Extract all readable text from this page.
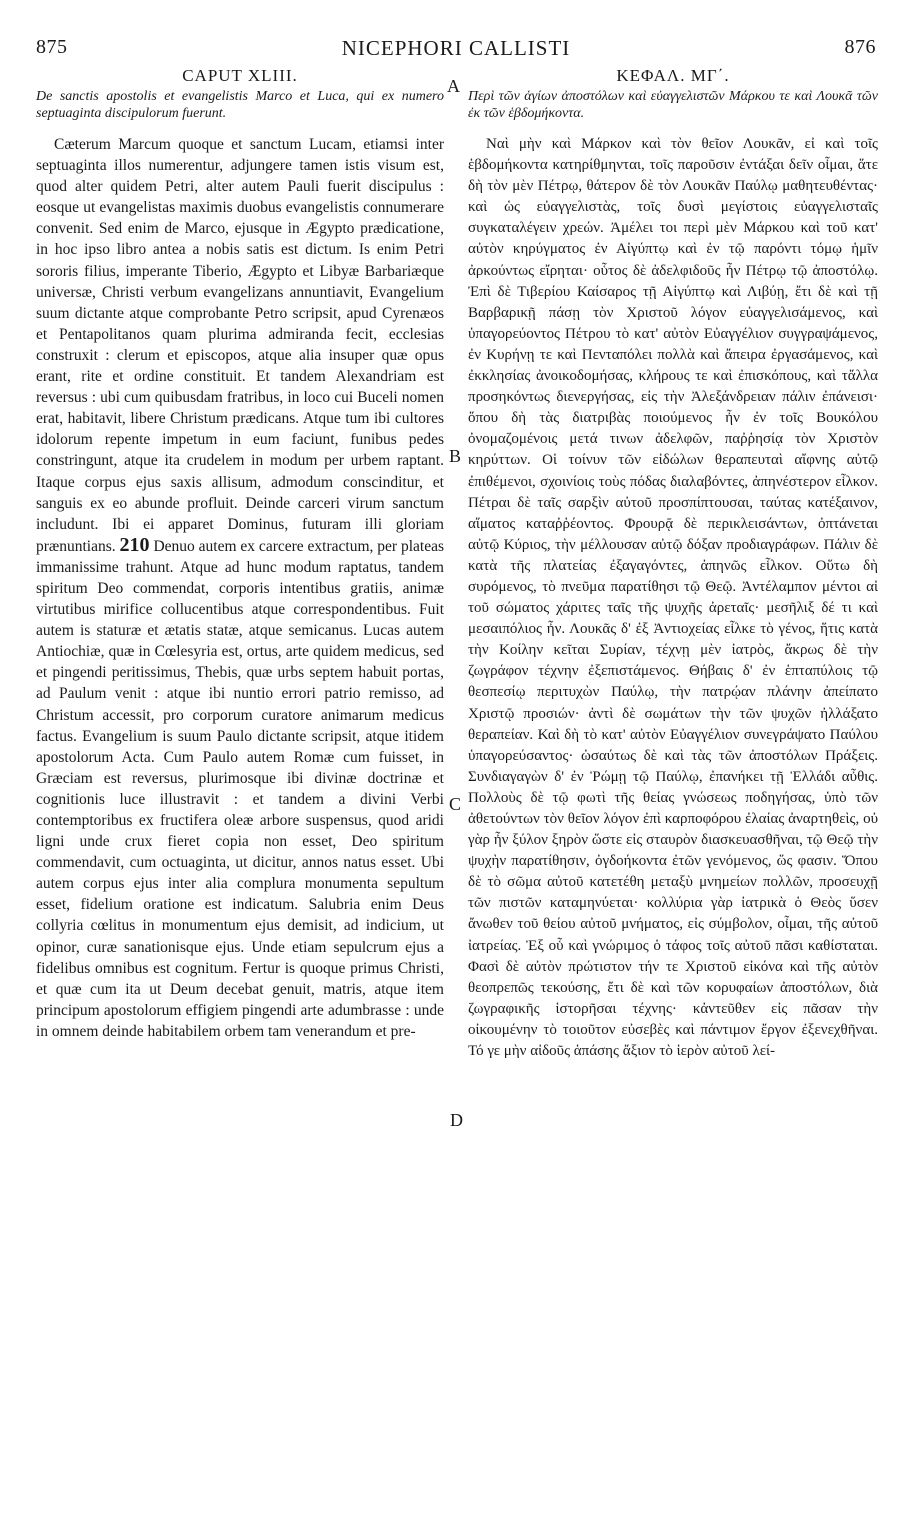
875	NICEPHORI CALLISTI	876
A
B
C
D
CAPUT XLIII.
De sanctis apostolis et evangelistis Marco et Luca, qui ex numero septuaginta discipulorum fuerunt.

Cæterum Marcum quoque et sanctum Lucam, etiamsi inter septuaginta illos numerentur, adjungere tamen istis visum est, quod alter quidem Petri, alter autem Pauli fuerit discipulus : eosque ut evangelistas maximis duobus evangelistis connumerare convenit. Sed enim de Marco, ejusque in Ægypto prædicatione, in hoc ipso libro antea a nobis satis est dictum. Is enim Petri sororis filius, imperante Tiberio, Ægypto et Libyæ Barbariæque universæ, Christi verbum evangelizans annuntiavit, Evangelium suum dictante atque comprobante Petro scripsit, apud Cyrenæos et Pentapolitanos quam plurima admiranda fecit, ecclesias construxit : clerum et episcopos, atque alia insuper quæ opus erant, rite et ordine constituit. Et tandem Alexandriam est reversus : ubi cum quibusdam fratribus, in loco cui Buceli nomen erat, habitavit, libere Christum prædicans. Atque tum ibi cultores idolorum repente impetum in eum faciunt, funibus pedes constringunt, atque ita crudelem in modum per urbem raptant. Itaque corpus ejus saxis allisum, admodum conscinditur, et sanguis ex eo abunde profluit. Deinde carceri virum sanctum includunt. Ibi ei apparet Dominus, futuram illi gloriam prænuntians. 210 Denuo autem ex carcere extractum, per plateas immanissime trahunt. Atque ad hunc modum raptatus, tandem spiritum Deo commendat, corporis intentibus gratiis, animæ virtutibus mirifice collucentibus atque correspondentibus. Fuit autem is staturæ et ætatis statæ, atque semicanus. Lucas autem Antiochiæ, quæ in Cœlesyria est, ortus, arte quidem medicus, sed et pingendi peritissimus, Thebis, quæ urbs septem habuit portas, ad Paulum venit : atque ibi nuntio errori patrio remisso, ad Christum accessit, pro corporum curatore animarum medicus factus. Evangelium is suum Paulo dictante scripsit, atque itidem apostolorum Acta. Cum Paulo autem Romæ cum fuisset, in Græciam est reversus, plurimosque ibi divinæ doctrinæ et cognitionis luce illustravit : et tandem a divini Verbi contemptoribus ex fructifera oleæ arbore suspensus, quod aridi ligni unde crux fieret copia non esset, Deo spiritum commendavit, cum octuaginta, ut dicitur, annos natus esset. Ubi autem corpus ejus inter alia complura monumenta sepultum esset, fidelium oratione est indicatum. Salubria enim Deus collyria cœlitus in monumentum ejus demisit, ad indicium, ut opinor, curæ sanationisque ejus. Unde etiam sepulcrum ejus a fidelibus omnibus est cognitum. Fertur is quoque primus Christi, et quæ cum ita ut Deum decebat genuit, matris, atque item principum apostolorum effigiem pingendi arte adumbrasse : unde in omnem deinde habitabilem orbem tam venerandum et pre-

ΚΕΦΑΛ. ΜΓ΄.
Περὶ τῶν ἁγίων ἀποστόλων καὶ εὐαγγελιστῶν Μάρκου τε καὶ Λουκᾶ τῶν ἐκ τῶν ἑβδομήκοντα.

Ναὶ μὴν καὶ Μάρκον καὶ τὸν θεῖον Λουκᾶν, εἰ καὶ τοῖς ἑβδομήκοντα κατηρίθμηνται, τοῖς παροῦσιν ἐντάξαι δεῖν οἶμαι, ἅτε δὴ τὸν μὲν Πέτρῳ, θάτερον δὲ τὸν Λουκᾶν Παύλῳ μαθητευθέντας· καὶ ὡς εὐαγγελιστὰς, τοῖς δυσὶ μεγίστοις εὐαγγελισταῖς συγκαταλέγειν χρεών. Ἀμέλει τοι περὶ μὲν Μάρκου καὶ τοῦ κατ' αὐτὸν κηρύγματος ἐν Αἰγύπτῳ καὶ ἐν τῷ παρόντι τόμῳ ἡμῖν ἀρκούντως εἴρηται· οὗτος δὲ ἀδελφιδοῦς ἦν Πέτρῳ τῷ ἀποστόλῳ. Ἐπὶ δὲ Τιβερίου Καίσαρος τῇ Αἰγύπτῳ καὶ Λιβύῃ, ἔτι δὲ καὶ τῇ Βαρβαρικῇ πάσῃ τὸν Χριστοῦ λόγον εὐαγγελισάμενος, καὶ ὑπαγορεύοντος Πέτρου τὸ κατ' αὐτὸν Εὐαγγέλιον συγγραψάμενος, ἐν Κυρήνῃ τε καὶ Πενταπόλει πολλὰ καὶ ἄπειρα ἐργασάμενος, καὶ ἐκκλησίας ἀνοικοδομήσας, κλήρους τε καὶ ἐπισκόπους, καὶ τἄλλα προσηκόντως διενεργήσας, εἰς τὴν Ἀλεξάνδρειαν πάλιν ἐπάνεισι· ὅπου δὴ τὰς διατριβὰς ποιούμενος ἦν ἐν τοῖς Βουκόλου ὀνομαζομένοις μετά τινων ἀδελφῶν, παῤῥησίᾳ τὸν Χριστὸν κηρύττων. Οἱ τοίνυν τῶν εἰδώλων θεραπευταὶ αἴφνης αὐτῷ ἐπιθέμενοι, σχοινίοις τοὺς πόδας διαλαβόντες, ἀπηνέστερον εἷλκον. Πέτραι δὲ ταῖς σαρξὶν αὐτοῦ προσπίπτουσαι, ταύτας κατέξαινον, αἵματος καταῤῥέοντος. Φρουρᾷ δὲ περικλεισάντων, ὀπτάνεται αὐτῷ Κύριος, τὴν μέλλουσαν αὐτῷ δόξαν προδιαγράφων. Πάλιν δὲ κατὰ τῆς πλατείας ἐξαγαγόντες, ἀπηνῶς εἷλκον. Οὕτω δὴ συρόμενος, τὸ πνεῦμα παρατίθησι τῷ Θεῷ. Ἀντέλαμπον μέντοι αἱ τοῦ σώματος χάριτες ταῖς τῆς ψυχῆς ἀρεταῖς· μεσῆλιξ δέ τι καὶ μεσαιπόλιος ἦν. Λουκᾶς δ' ἐξ Ἀντιοχείας εἷλκε τὸ γένος, ἥτις κατὰ τὴν Κοίλην κεῖται Συρίαν, τέχνῃ μὲν ἰατρὸς, ἄκρως δὲ τὴν ζωγράφον τέχνην ἐξεπιστάμενος. Θήβαις δ' ἐν ἑπταπύλοις τῷ θεσπεσίῳ περιτυχὼν Παύλῳ, τὴν πατρῴαν πλάνην ἀπείπατο Χριστῷ προσιών· ἀντὶ δὲ σωμάτων τὴν τῶν ψυχῶν ἠλλάξατο θεραπείαν. Καὶ δὴ τὸ κατ' αὐτὸν Εὐαγγέλιον συνεγράψατο Παύλου ὑπαγορεύσαντος· ὡσαύτως δὲ καὶ τὰς τῶν ἀποστόλων Πράξεις. Συνδιαγαγὼν δ' ἐν Ῥώμῃ τῷ Παύλῳ, ἐπανήκει τῇ Ἑλλάδι αὖθις. Πολλοὺς δὲ τῷ φωτὶ τῆς θείας γνώσεως ποδηγήσας, ὑπὸ τῶν ἀθετούντων τὸν θεῖον λόγον ἐπὶ καρποφόρου ἐλαίας ἀναρτηθεὶς, οὐ γὰρ ἦν ξύλον ξηρὸν ὥστε εἰς σταυρὸν διασκευασθῆναι, τῷ Θεῷ τὴν ψυχὴν παρατίθησιν, ὀγδοήκοντα ἐτῶν γενόμενος, ὥς φασιν. Ὅπου δὲ τὸ σῶμα αὐτοῦ κατετέθη μεταξὺ μνημείων πολλῶν, προσευχῇ τῶν πιστῶν καταμηνύεται· κολλύρια γὰρ ἰατρικὰ ὁ Θεὸς ὕσεν ἄνωθεν τοῦ θείου αὐτοῦ μνήματος, εἰς σύμβολον, οἶμαι, τῆς αὐτοῦ ἰατρείας. Ἐξ οὗ καὶ γνώριμος ὁ τάφος τοῖς αὐτοῦ πᾶσι καθίσταται. Φασὶ δὲ αὐτὸν πρώτιστον τήν τε Χριστοῦ εἰκόνα καὶ τῆς αὐτὸν θεοπρεπῶς τεκούσης, ἔτι δὲ καὶ τῶν κορυφαίων ἀποστόλων, διὰ ζωγραφικῆς ἱστορῆσαι τέχνης· κἀντεῦθεν εἰς πᾶσαν τὴν οἰκουμένην τὸ τοιοῦτον εὐσεβὲς καὶ πάντιμον ἔργον ἐξενεχθῆναι. Τό γε μὴν αἰδοῦς ἁπάσης ἄξιον τὸ ἱερὸν αὐτοῦ λεί-
